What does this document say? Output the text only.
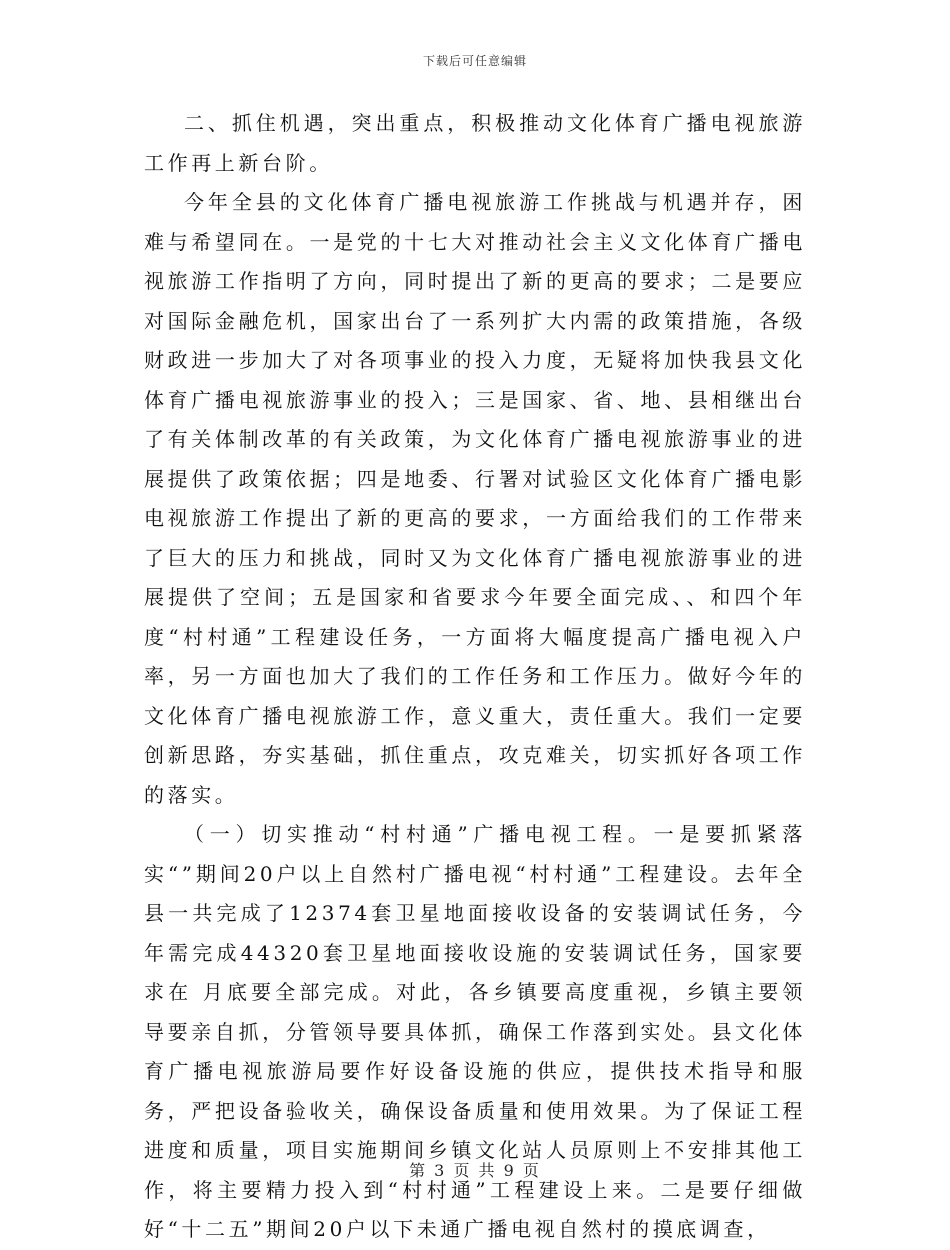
下载后可任意编辑

二、抓住机遇，突出重点，积极推动文化体育广播电视旅游工作再上新台阶。

今年全县的文化体育广播电视旅游工作挑战与机遇并存，困难与希望同在。一是党的十七大对推动社会主义文化体育广播电视旅游工作指明了方向，同时提出了新的更高的要求；二是要应对国际金融危机，国家出台了一系列扩大内需的政策措施，各级财政进一步加大了对各项事业的投入力度，无疑将加快我县文化体育广播电视旅游事业的投入；三是国家、省、地、县相继出台了有关体制改革的有关政策，为文化体育广播电视旅游事业的进展提供了政策依据；四是地委、行署对试验区文化体育广播电影电视旅游工作提出了新的更高的要求，一方面给我们的工作带来了巨大的压力和挑战，同时又为文化体育广播电视旅游事业的进展提供了空间；五是国家和省要求今年要全面完成、、和四个年度“村村通”工程建设任务，一方面将大幅度提高广播电视入户率，另一方面也加大了我们的工作任务和工作压力。做好今年的文化体育广播电视旅游工作，意义重大，责任重大。我们一定要创新思路，夯实基础，抓住重点，攻克难关，切实抓好各项工作的落实。

（一）切实推动“村村通”广播电视工程。一是要抓紧落实“”期间20户以上自然村广播电视“村村通”工程建设。去年全县一共完成了12374套卫星地面接收设备的安装调试任务，今年需完成44320套卫星地面接收设施的安装调试任务，国家要求在 月底要全部完成。对此，各乡镇要高度重视，乡镇主要领导要亲自抓，分管领导要具体抓，确保工作落到实处。县文化体育广播电视旅游局要作好设备设施的供应，提供技术指导和服务，严把设备验收关，确保设备质量和使用效果。为了保证工程进度和质量，项目实施期间乡镇文化站人员原则上不安排其他工作，将主要精力投入到“村村通”工程建设上来。二是要仔细做好“十二五”期间20户以下未通广播电视自然村的摸底调查，

第 3 页 共 9 页
